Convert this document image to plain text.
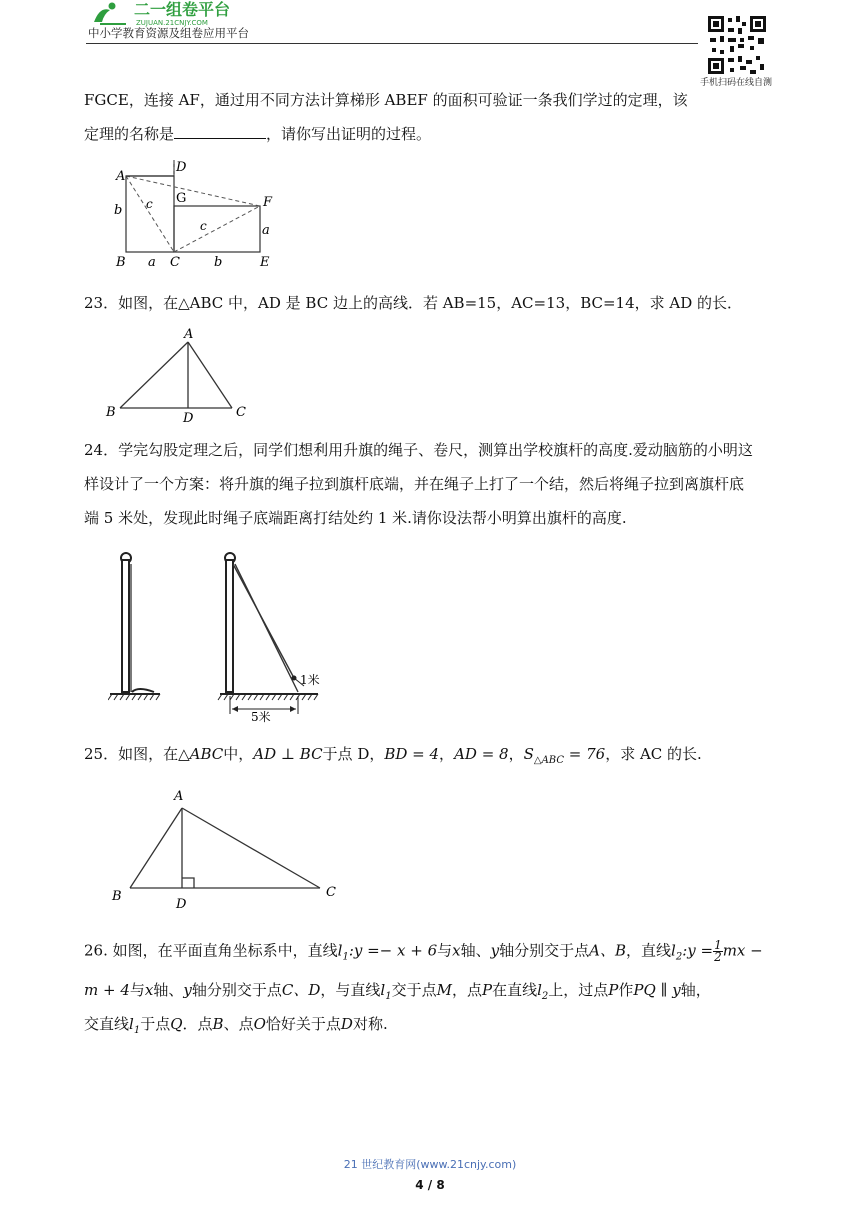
二一组卷平台
ZUJUAN.21CNJY.COM
中小学教育资源及组卷应用平台
手机扫码在线自测
FGCE，连接 AF，通过用不同方法计算梯形 ABEF 的面积可验证一条我们学过的定理，该
定理的名称是	，请你写出证明的过程。
A
D
G	F
b c
c	a
B a C	b	E
23．如图，在△ABC 中，AD 是 BC 边上的高线．若 AB=15，AC=13，BC=14，求 AD 的长．
A
B	D	C
24．学完勾股定理之后，同学们想利用升旗的绳子、卷尺，测算出学校旗杆的高度.爱动脑筋的小明这
样设计了一个方案：将升旗的绳子拉到旗杆底端，并在绳子上打了一个结，然后将绳子拉到离旗杆底
端 5 米处，发现此时绳子底端距离打结处约 1 米.请你设法帮小明算出旗杆的高度.
5米
1米
25．如图，在△ABC中，AD ⊥ BC于点 D，BD = 4，AD = 8，$S_{\triangle ABC} = 76$，求 AC 的长.
A
B
D
C
26. 如图，在平面直角坐标系中，直线$l_1:y =- x + 6$与x轴、y轴分别交于点A、B，直线$l_2:y = \frac{1}{2}$ mx −
m + 4与x轴、y轴分别交于点C、D，与直线$l_1$交于点M，点P在直线$l_2$上，过点P作PQ ∥ y轴，
交直线$l_1$于点Q．点B、点O恰好关于点D对称.
21 世纪教育网(www.21cnjy.com)
4 / 8
